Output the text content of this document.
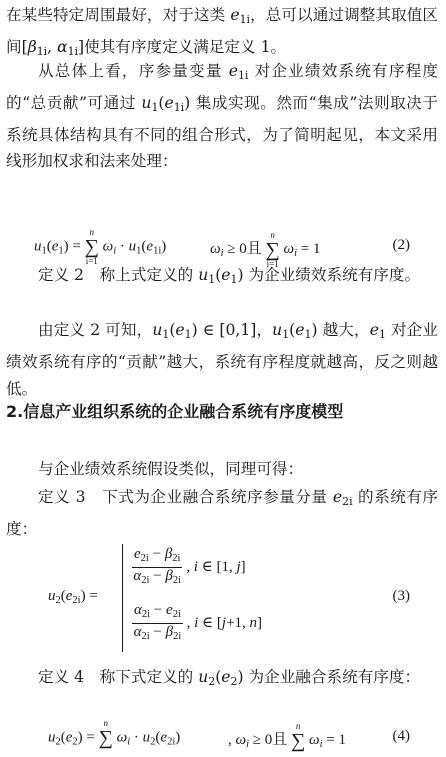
在某些特定周围最好，对于这类 $e_{1i}$，总可以通过调整其取值区间[$\beta_{1i}$, $\alpha_{1i}$]使其有序度定义满足定义 1。
从总体上看，序参量变量 $e_{1i}$ 对企业绩效系统有序程度的“总贡献”可通过 $u_1(e_{1i})$ 集成实现。然而“集成”法则取决于系统具体结构具有不同的组合形式，为了简明起见，本文采用线形加权求和法来处理：
$u_1(e_1)$ = ∑
n
i=1
$\omega_i \cdot u_1(e_{1i})$	$\omega_i \ge 0$且 ∑
n
i=1
$\omega_i = 1$	(2)
定义 2　称上式定义的 $u_1(e_1)$ 为企业绩效系统有序度。
由定义 2 可知，$u_1(e_1)$ ∈ [0,1]，$u_1(e_1)$ 越大，$e_1$ 对企业绩效系统有序的“贡献”越大，系统有序程度就越高，反之则越低。
2.信息产业组织系统的企业融合系统有序度模型
与企业绩效系统假设类似，同理可得：
定义 3　下式为企业融合系统序参量分量 $e_{2i}$ 的系统有序度：
$u_2(e_{2i})$ =
$\frac{e_{2i} - \beta_{2i}}{\alpha_{2i} - \beta_{2i}}$ , i ∈ [1, j]
$\frac{\alpha_{2i} - e_{2i}}{\alpha_{2i} - \beta_{2i}}$ , i ∈ [j+1, n]
(3)
定义 4　称下式定义的 $u_2(e_2)$ 为企业融合系统有序度：
$u_2(e_2)$ = ∑
n
$\omega_i \cdot u_2(e_{2i})$	, $\omega_i \ge 0$且 ∑
n
$\omega_i = 1$	(4)
